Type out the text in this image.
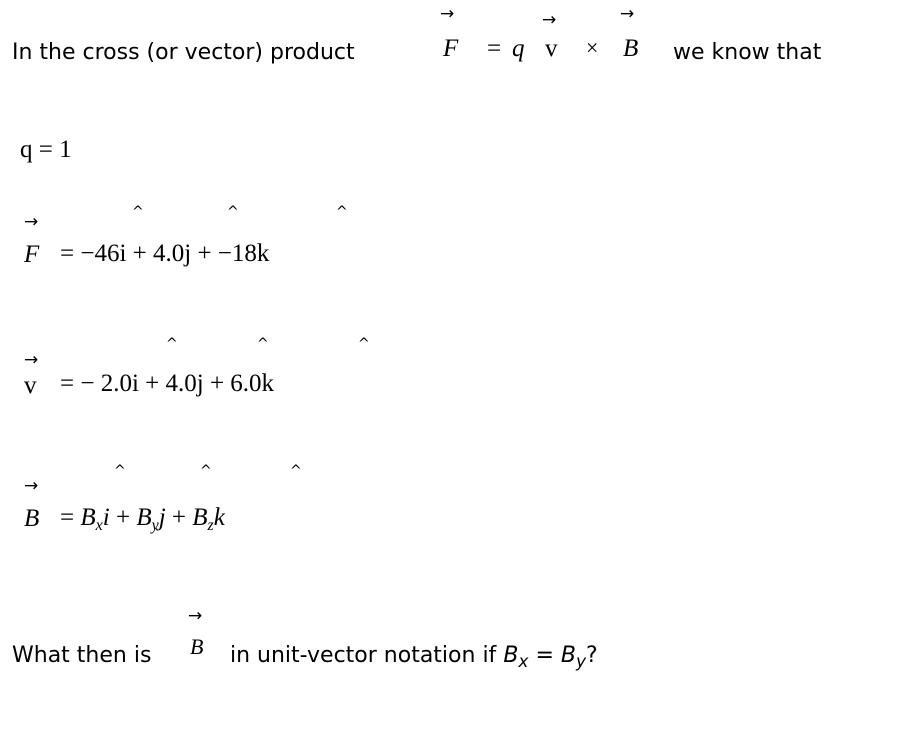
In the cross (or vector) product
→
F = q
→
v ×
→
B we know that
q = 1
→	^	^	^
F = −46i + 4.0j + −18k
→
^	^	^
v = − 2.0i + 4.0j + 6.0k
→
^	^	^
$B = B_xi + B_yj + B_zk$
What then is
→
B in unit-vector notation if $B_x = B_y$?
